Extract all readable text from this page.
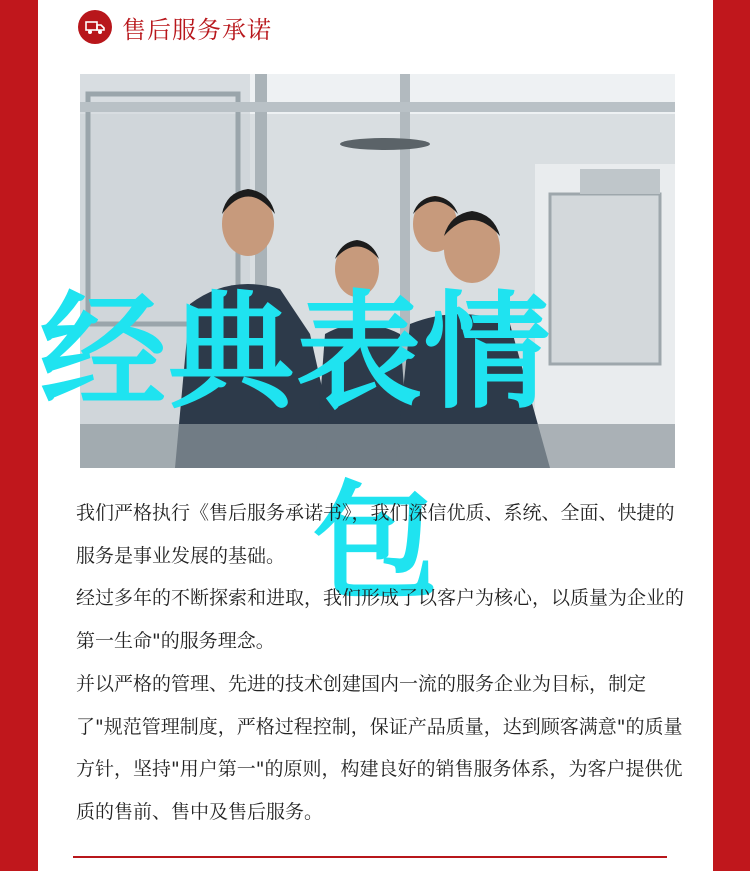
售后服务承诺
经典表情
包

我们严格执行《售后服务承诺书》，我们深信优质、系统、全面、快捷的服务是事业发展的基础。

经过多年的不断探索和进取，我们形成了以客户为核心，以质量为企业的第一生命"的服务理念。

并以严格的管理、先进的技术创建国内一流的服务企业为目标，制定了"规范管理制度，严格过程控制，保证产品质量，达到顾客满意"的质量方针，坚持"用户第一"的原则，构建良好的销售服务体系，为客户提供优质的售前、售中及售后服务。
